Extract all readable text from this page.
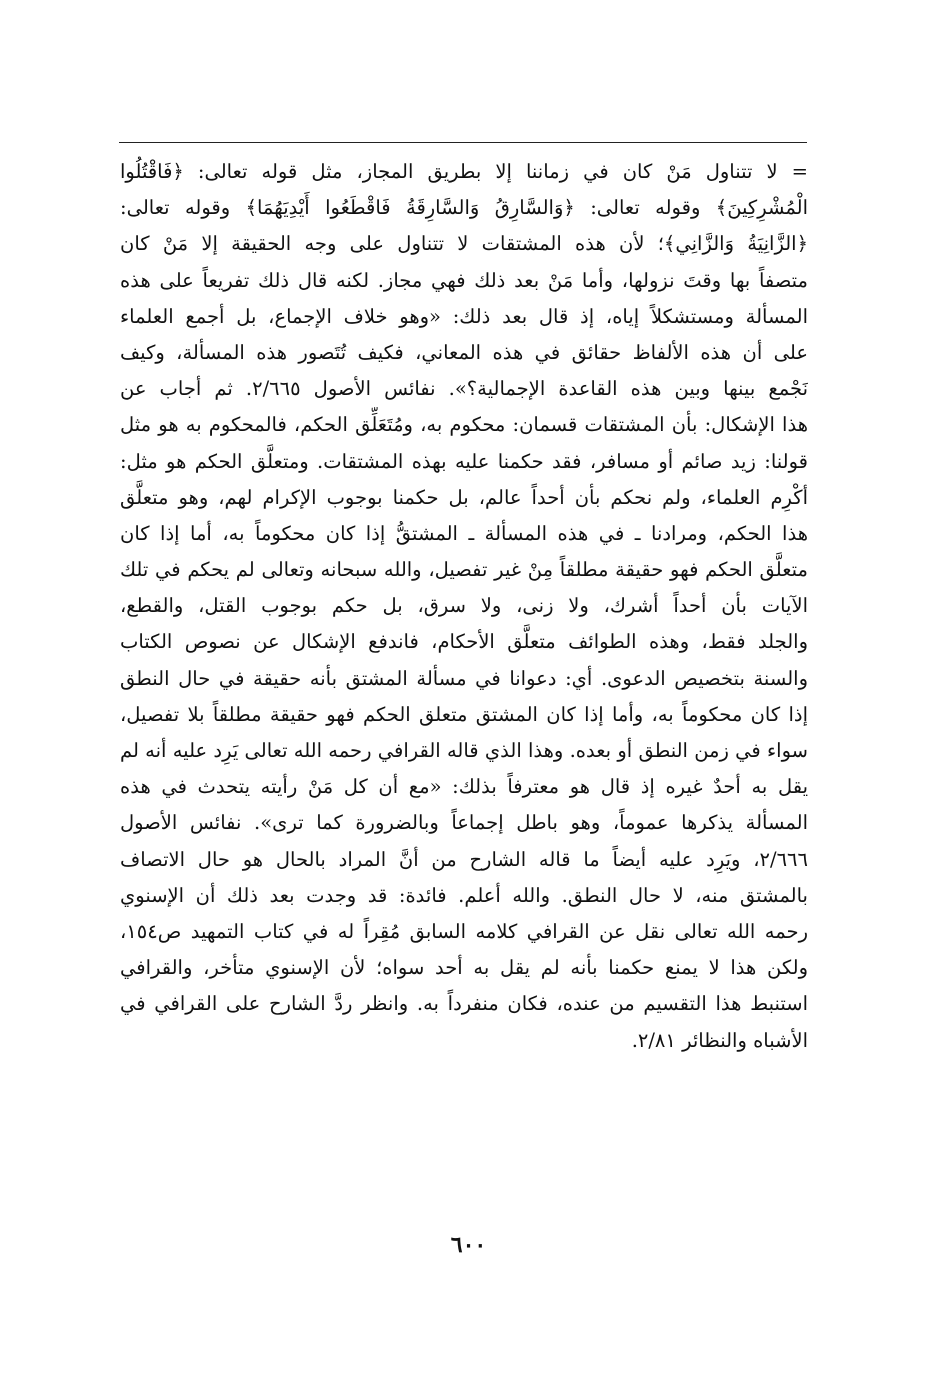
= لا تتناول مَنْ كان في زماننا إلا بطريق المجاز، مثل قوله تعالى: ﴿فَاقْتُلُوا
الْمُشْرِكِينَ﴾ وقوله تعالى: ﴿وَالسَّارِقُ وَالسَّارِقَةُ فَاقْطَعُوا أَيْدِيَهُمَا﴾ وقوله تعالى:
﴿الزَّانِيَةُ وَالزَّانِي﴾؛ لأن هذه المشتقات لا تتناول على وجه الحقيقة إلا مَنْ كان
متصفاً بها وقتَ نزولها، وأما مَنْ بعد ذلك فهي مجاز. لكنه قال ذلك تفريعاً على هذه
المسألة ومستشكلاً إياه، إذ قال بعد ذلك: «وهو خلاف الإجماع، بل أجمع العلماء
على أن هذه الألفاظ حقائق في هذه المعاني، فكيف تُتَصور هذه المسألة، وكيف
نَجْمع بينها وبين هذه القاعدة الإجمالية؟». نفائس الأصول ٢/٦٦٥. ثم أجاب عن
هذا الإشكال: بأن المشتقات قسمان: محكوم به، ومُتَعَلِّق الحكم، فالمحكوم به هو مثل
قولنا: زيد صائم أو مسافر، فقد حكمنا عليه بهذه المشتقات. ومتعلَّق الحكم هو مثل:
أكْرِم العلماء، ولم نحكم بأن أحداً عالم، بل حكمنا بوجوب الإكرام لهم، وهو متعلَّق
هذا الحكم، ومرادنا ـ في هذه المسألة ـ المشتقُّ إذا كان محكوماً به، أما إذا كان
متعلَّق الحكم فهو حقيقة مطلقاً مِنْ غير تفصيل، والله سبحانه وتعالى لم يحكم في تلك
الآيات بأن أحداً أشرك، ولا زنى، ولا سرق، بل حكم بوجوب القتل، والقطع،
والجلد فقط، وهذه الطوائف متعلَّق الأحكام، فاندفع الإشكال عن نصوص الكتاب
والسنة بتخصيص الدعوى. أي: دعوانا في مسألة المشتق بأنه حقيقة في حال النطق
إذا كان محكوماً به، وأما إذا كان المشتق متعلق الحكم فهو حقيقة مطلقاً بلا تفصيل،
سواء في زمن النطق أو بعده. وهذا الذي قاله القرافي رحمه الله تعالى يَرِد عليه أنه لم
يقل به أحدٌ غيره إذ قال هو معترفاً بذلك: «مع أن كل مَنْ رأيته يتحدث في هذه
المسألة يذكرها عموماً، وهو باطل إجماعاً وبالضرورة كما ترى». نفائس الأصول
٢/٦٦٦، ويَرِد عليه أيضاً ما قاله الشارح من أنَّ المراد بالحال هو حال الاتصاف
بالمشتق منه، لا حال النطق. والله أعلم. فائدة: قد وجدت بعد ذلك أن الإسنوي
رحمه الله تعالى نقل عن القرافي كلامه السابق مُقِراً له في كتاب التمهيد ص١٥٤،
ولكن هذا لا يمنع حكمنا بأنه لم يقل به أحد سواه؛ لأن الإسنوي متأخر، والقرافي
استنبط هذا التقسيم من عنده، فكان منفرداً به. وانظر ردَّ الشارح على القرافي في
الأشباه والنظائر ٢/٨١.
٦٠٠
